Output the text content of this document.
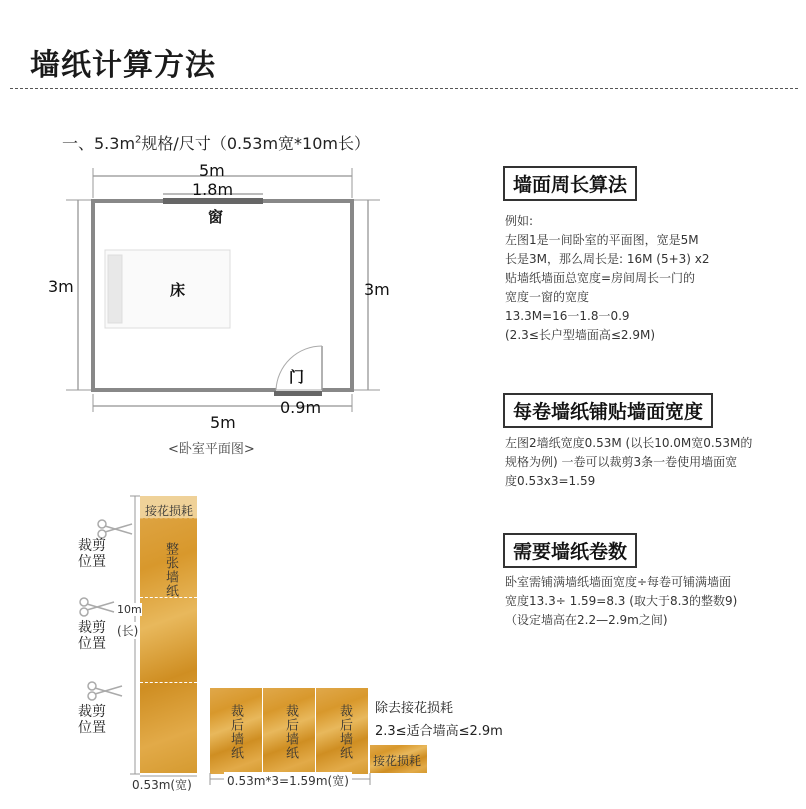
墙纸计算方法
一、$5.3m^2$规格/尺寸（0.53m宽*10m长）
5m
1.8m
窗
3m	3m
床
门
0.9m
5m
<卧室平面图>
墙面周长算法
例如:
左图1是一间卧室的平面图，宽是5M
长是3M，那么周长是: 16M (5+3) x2
贴墙纸墙面总宽度=房间周长一门的
宽度一窗的宽度
13.3M=16一1.8一0.9
(2.3≤长户型墙面高≤2.9M)
每卷墙纸铺贴墙面宽度
左图2墙纸宽度0.53M (以长10.0M宽0.53M的
规格为例) 一卷可以裁剪3条一卷使用墙面宽
度0.53x3=1.59
需要墙纸卷数
卧室需铺满墙纸墙面宽度÷每卷可铺满墙面
宽度13.3÷ 1.59=8.3 (取大于8.3的整数9)
（设定墙高在2.2—2.9m之间)
接花损耗
整张墙纸
10m
(长)
裁剪位置
裁剪位置
裁剪位置
0.53m(宽)
裁后墙纸	裁后墙纸	裁后墙纸
接花损耗
除去接花损耗
2.3≤适合墙高≤2.9m
0.53m*3=1.59m(宽)
